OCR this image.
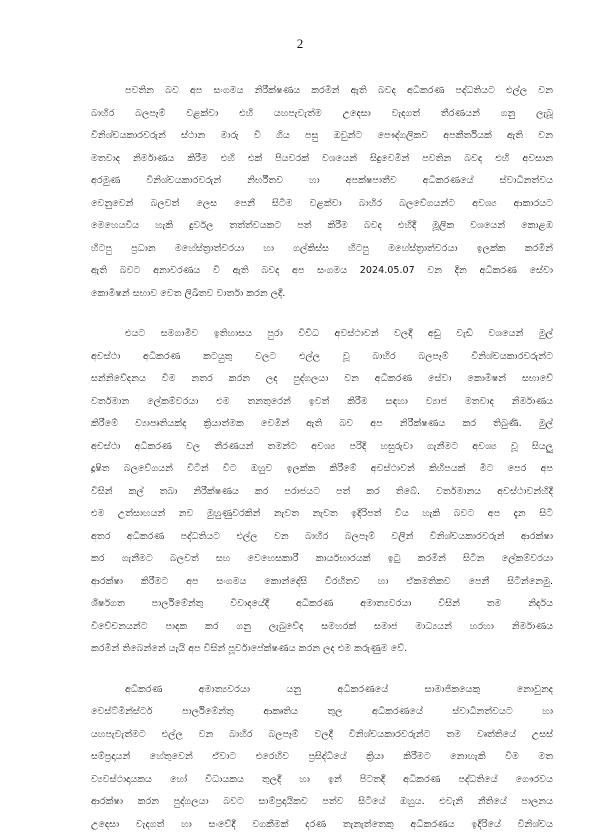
2
පවතින බව අප සංගමය නිරීක්ෂණය කරමින් ඇති බවද අධිකරණ පද්ධතියට එල්ල වන
බාහිර බලපෑම් වළක්වා එහි යහපැවැත්ම උදෙසා වැදගත් තීරණයන් ගනු ලැබූ
විනිශ්චයකාරවරුන් ස්ථාන මාරු වී ගිය පසු ඔවුන්ට පෞද්ගලිකව අපකීර්තියක් ඇති වන
මතවාද නිර්මාණය කිරීම එහි එක් පියවරක් වශයෙන් සිදුවෙමින් පවතින බවද එහි අවසාන
අරමුණ විනිශ්චයකාරවරුන් නිර්භීතව හා අපක්ෂපාතීව අධිකරණයේ ස්වාධීනත්වය
වෙනුවෙන් බලවත් ලෙස පෙනී සිටීම වළක්වා බාහිර බලවේගයන්ට අවශ්‍ය ආකාරයට
මෙහෙයවිය හැකි දුර්වල තත්ත්වයකට පත් කිරීම බවද එහිදී මූලික වශයෙන් කොළඹ
හිටපු ප්‍රධාන මහේස්ත්‍රාත්වරයා හා ගල්කිස්ස හිටපු මහේස්ත්‍රාත්වරයා ඉලක්ක කරමින්
ඇති බවට අනාවරණය වී ඇති බවද අප සංගමය 2024.05.07 වන දින අධිකරණ සේවා
කොමිෂන් සභාව වෙත ලිඛිතව වාර්තා කරන ලදී.
එයට සමගාමීව ඉතිහාසය පුරා විවිධ අවස්ථාවන් වලදී අඩු වැඩි වශයෙන් මුල්
අවස්ථා අධිකරණ කටයුතු වලට එල්ල වූ බාහිර බලපෑම් විනිශ්චයකාරවරුන්ට
සන්නිවේදනය වීම නතර කරන ලද පුද්ගලයා වන අධිකරණ සේවා කොමිෂන් සභාවේ
වර්තමාන ලේකම්වරයා එම තනතුරෙන් ඉවත් කිරීම සඳහා ව්‍යාජ මතවාද නිර්මාණය
කිරීමේ ව්‍යාපෘතියක්ද ක්‍රියාත්මක වෙමින් ඇති බව අප නිරීක්ෂණය කර තිබුණි. මුල්
අවස්ථා අධිකරණ වල තීරණයන් තමන්ට අවශ්‍ය පරිදි හසුරුවා ගැනීමට අවශ්‍ය වූ සියලු
දූෂිත බලවේගයන් විටින් විට ඔහුව ඉලක්ක කිරීමේ අවස්ථාවන් කිහිපයක් මීට පෙර අප
විසින් කල් තබා නිරීක්ෂණය කර පරාජයට පත් කර තිබේ. වර්තමානය අවස්ථාවන්හිදී
එම උත්සාහයන් නව මුහුණුවරකින් නැවත නැවත ඉදිරිපත් විය හැකි බවට අප දැන සිටි
අතර අධිකරණ පද්ධතියට එල්ල වන බාහිර බලපෑම් වලින් විනිශ්චයකාරවරුන් ආරක්ෂා
කර ගැනීමට බලවත් සහ වෙහෙසකාරී කාර්යභාරයක් ඉටු කරමින් සිටින ලේකම්වරයා
ආරක්ෂා කිරීමට අප සංගමය කොන්දේසි විරහිතව හා ඒකමතිකව පෙනී සිටින්නෙමු.
ශීර්ෂගත පාර්ලිමේන්තු විවාදයේදී අධිකරණ අමාත්‍යවරයා විසින් තම නිර්දය
විවේචනයන්ට පාදක කර ගනු ලැබුවේද සමහරක් සමාජ මාධ්‍යයන් හරහා නිර්මාණය
කරමින් තිබෙන්නේ යැයි අප විසින් පූර්වාපේක්ෂණය කරන ලද එම කරුණුම වේ.
අධිකරණ අමාත්‍යවරයා යනු අධිකරණයේ සාමාජිකයෙකු නොවුනද
වෙස්ට්මින්ස්ටර් පාර්ලිමේන්තු ආකෘතිය තුල අධිකරණයේ ස්වාධීනත්වයට හා
යහපැවැත්මට එල්ල වන බාහිර බලපෑම් වලදී විනිශ්චයකාරවරුන්ට තම වෘත්තියේ උසස්
සම්ප්‍රදායන් හේතුවෙන් ඒවාට එරෙහිව ප්‍රසිද්ධියේ ක්‍රියා කිරීමට නොහැකි වීම මත
ව්‍යවස්ථාදායකය හෝ විධායකය තුලදී හා ඉන් පිටතදී අධිකරණ පද්ධතියේ ගෞරවය
ආරක්ෂා කරන පුද්ගලයා බවට සාම්ප්‍රදායිකව පත්ව සිටියේ ඔහුය. එවැනි නීතියේ පාලනය
උදෙසා වැදගත් හා සංවේදී වගකීමක් දරණ තැනැත්තෙකු අධිකරණය ඉදිරියේ විනිශ්චය
